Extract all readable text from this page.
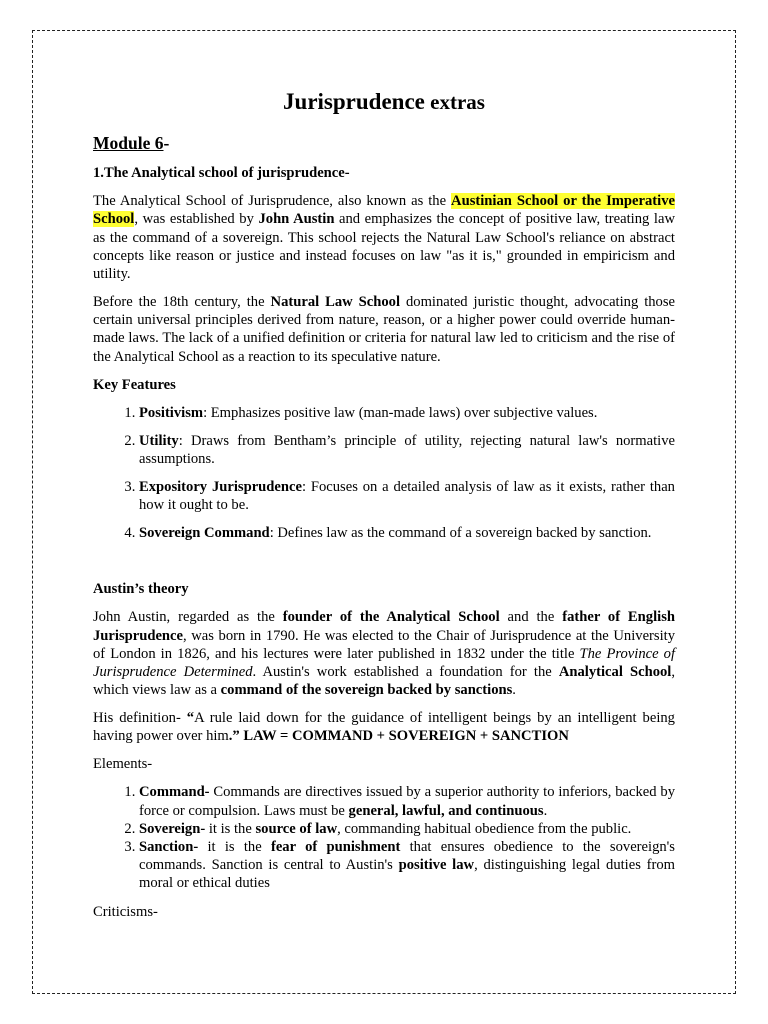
Jurisprudence extras
Module 6-
1.The Analytical school of jurisprudence-

The Analytical School of Jurisprudence, also known as the Austinian School or the Imperative School, was established by John Austin and emphasizes the concept of positive law, treating law as the command of a sovereign. This school rejects the Natural Law School's reliance on abstract concepts like reason or justice and instead focuses on law "as it is," grounded in empiricism and utility.

Before the 18th century, the Natural Law School dominated juristic thought, advocating those certain universal principles derived from nature, reason, or a higher power could override human-made laws. The lack of a unified definition or criteria for natural law led to criticism and the rise of the Analytical School as a reaction to its speculative nature.

Key Features
1. Positivism: Emphasizes positive law (man-made laws) over subjective values.
2. Utility: Draws from Bentham’s principle of utility, rejecting natural law's normative assumptions.
3. Expository Jurisprudence: Focuses on a detailed analysis of law as it exists, rather than how it ought to be.
4. Sovereign Command: Defines law as the command of a sovereign backed by sanction.
Austin’s theory

John Austin, regarded as the founder of the Analytical School and the father of English Jurisprudence, was born in 1790. He was elected to the Chair of Jurisprudence at the University of London in 1826, and his lectures were later published in 1832 under the title The Province of Jurisprudence Determined. Austin's work established a foundation for the Analytical School, which views law as a command of the sovereign backed by sanctions.

His definition- “A rule laid down for the guidance of intelligent beings by an intelligent being having power over him.” LAW = COMMAND + SOVEREIGN + SANCTION

Elements-

1. Command- Commands are directives issued by a superior authority to inferiors, backed by force or compulsion. Laws must be general, lawful, and continuous.
2. Sovereign- it is the source of law, commanding habitual obedience from the public.
3. Sanction- it is the fear of punishment that ensures obedience to the sovereign's commands. Sanction is central to Austin's positive law, distinguishing legal duties from moral or ethical duties

Criticisms-
